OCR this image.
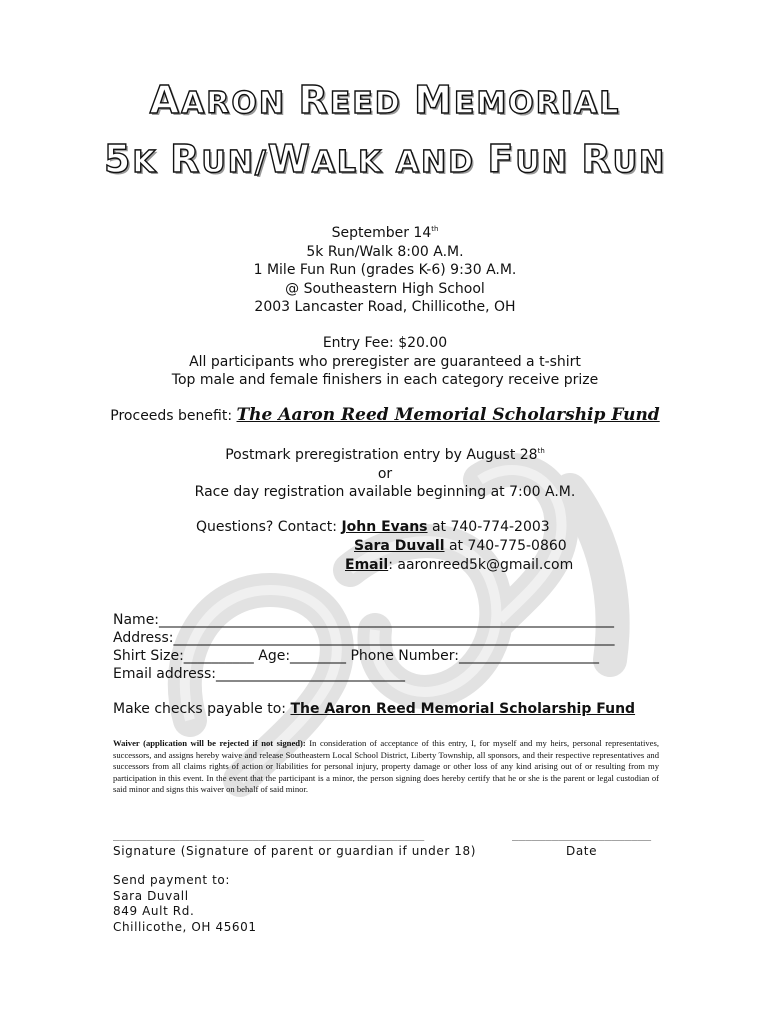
AARON REED MEMORIAL
5K RUN/WALK AND FUN RUN
September 14th
5k Run/Walk 8:00 A.M.
1 Mile Fun Run (grades K-6) 9:30 A.M.
@ Southeastern High School
2003 Lancaster Road, Chillicothe, OH
Entry Fee: $20.00
All participants who preregister are guaranteed a t-shirt
Top male and female finishers in each category receive prize
Proceeds benefit: The Aaron Reed Memorial Scholarship Fund
Postmark preregistration entry by August 28th
or
Race day registration available beginning at 7:00 A.M.
Questions? Contact: John Evans at 740-774-2003
Sara Duvall at 740-775-0860
Email: aaronreed5k@gmail.com
Name:_________________________________________________________________
Address:_______________________________________________________________
Shirt Size:__________ Age:________ Phone Number:____________________
Email address:___________________________
Make checks payable to: The Aaron Reed Memorial Scholarship Fund
Waiver (application will be rejected if not signed): In consideration of acceptance of this entry, I, for myself and my heirs, personal representatives, successors, and assigns hereby waive and release Southeastern Local School District, Liberty Township, all sponsors, and their respective representatives and successors from all claims rights of action or liabilities for personal injury, property damage or other loss of any kind arising out of or resulting from my participation in this event. In the event that the participant is a minor, the person signing does hereby certify that he or she is the parent or legal custodian of said minor and signs this waiver on behalf of said minor.
_______________________________________________
Signature (Signature of parent or guardian if under 18)
_____________________
Date
Send payment to:
Sara Duvall
849 Ault Rd.
Chillicothe, OH 45601
